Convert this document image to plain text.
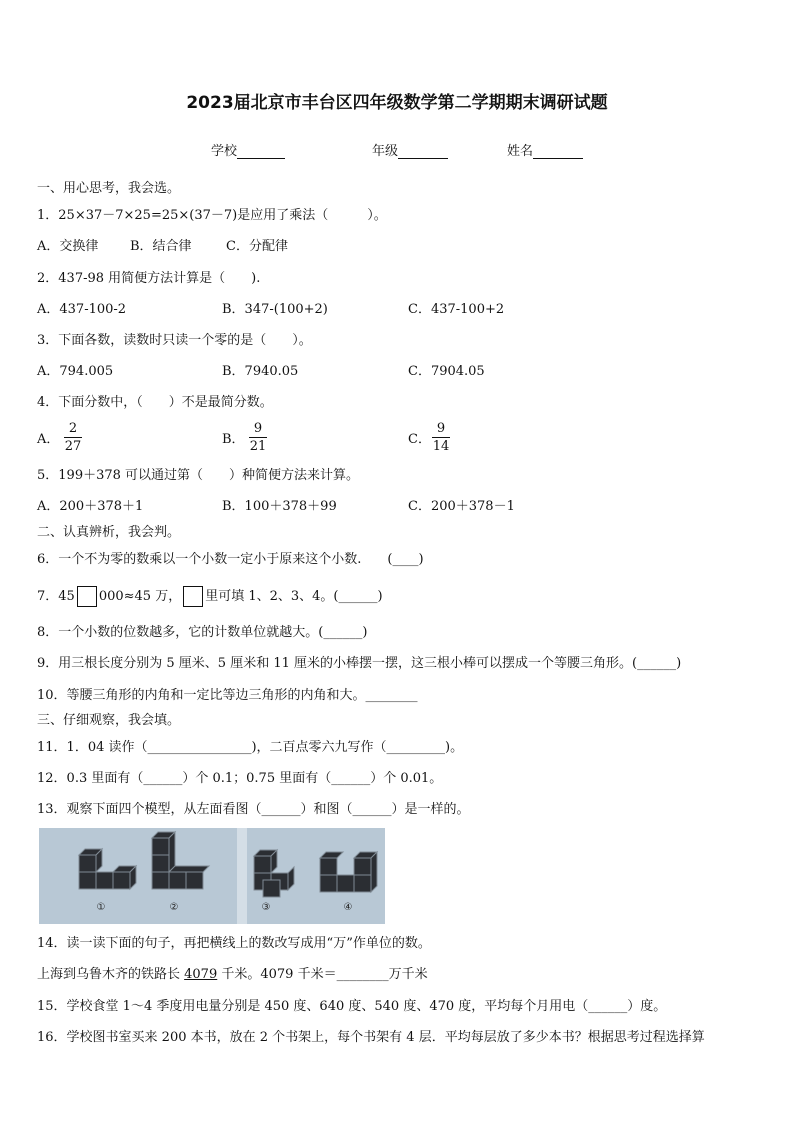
2023届北京市丰台区四年级数学第二学期期末调研试题
学校	年级	姓名
一、用心思考，我会选。
1．25×37－7×25=25×(37－7)是应用了乘法（　　　）。
A．交换律 B．结合律	C．分配律
2．437-98 用简便方法计算是（　　).
A．437-100-2	B．347-(100+2)	C．437-100+2
3．下面各数，读数时只读一个零的是（　　）。
A．794.005	B．7940.05	C．7904.05
4．下面分数中，（　　）不是最简分数。
A． $\frac{2}{27}$	B． $\frac{9}{21}$	C． $\frac{9}{14}$
5．199＋378 可以通过第（　　）种简便方法来计算。
A．200＋378＋1	B．100＋378＋99	C．200＋378－1
二、认真辨析，我会判。
6．一个不为零的数乘以一个小数一定小于原来这个小数.　　(____)
7．45 000≈45 万， 里可填 1、2、3、4。(______)
8．一个小数的位数越多，它的计数单位就越大。(______)
9．用三根长度分别为 5 厘米、5 厘米和 11 厘米的小棒摆一摆，这三根小棒可以摆成一个等腰三角形。(______)
10．等腰三角形的内角和一定比等边三角形的内角和大。________
三、仔细观察，我会填。
11．1．04 读作（________________)，二百点零六九写作（_________)。
12．0.3 里面有（______）个 0.1；0.75 里面有（______）个 0.01。
13．观察下面四个模型，从左面看图（______）和图（______）是一样的。
①	②	③	④
14．读一读下面的句子，再把横线上的数改写成用“万”作单位的数。
上海到乌鲁木齐的铁路长 4079 千米。4079 千米＝________万千米
15．学校食堂 1～4 季度用电量分别是 450 度、640 度、540 度、470 度，平均每个月用电（______）度。
16．学校图书室买来 200 本书，放在 2 个书架上，每个书架有 4 层．平均每层放了多少本书？根据思考过程选择算
